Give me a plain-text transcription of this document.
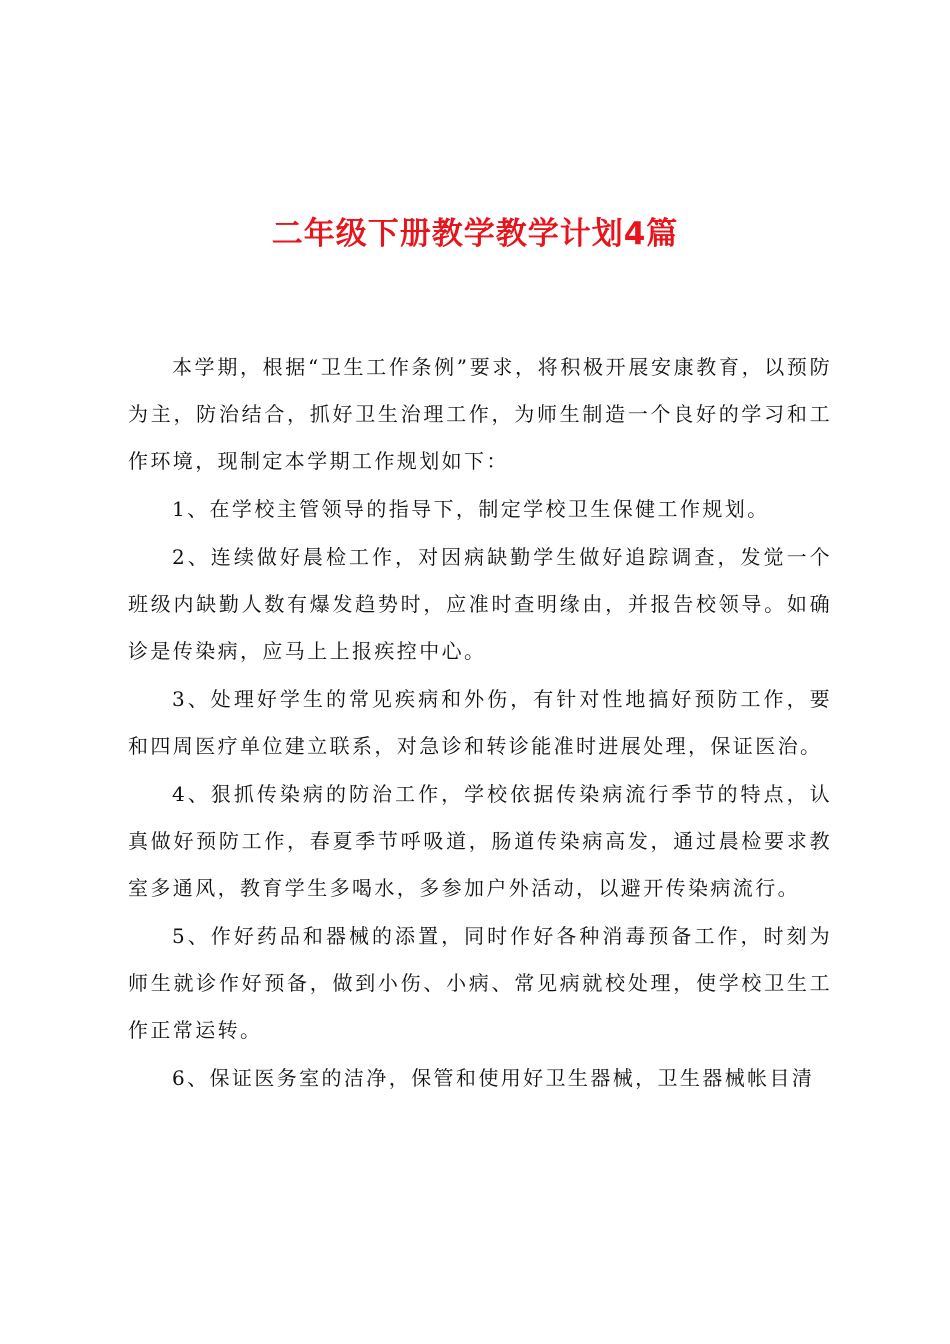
二年级下册教学教学计划4篇

本学期，根据“卫生工作条例”要求，将积极开展安康教育，以预防为主，防治结合，抓好卫生治理工作，为师生制造一个良好的学习和工作环境，现制定本学期工作规划如下：

1、在学校主管领导的指导下，制定学校卫生保健工作规划。

2、连续做好晨检工作，对因病缺勤学生做好追踪调查，发觉一个班级内缺勤人数有爆发趋势时，应准时查明缘由，并报告校领导。如确诊是传染病，应马上上报疾控中心。

3、处理好学生的常见疾病和外伤，有针对性地搞好预防工作，要和四周医疗单位建立联系，对急诊和转诊能准时进展处理，保证医治。

4、狠抓传染病的防治工作，学校依据传染病流行季节的特点，认真做好预防工作，春夏季节呼吸道，肠道传染病高发，通过晨检要求教室多通风，教育学生多喝水，多参加户外活动，以避开传染病流行。

5、作好药品和器械的添置，同时作好各种消毒预备工作，时刻为师生就诊作好预备，做到小伤、小病、常见病就校处理，使学校卫生工作正常运转。

6、保证医务室的洁净，保管和使用好卫生器械，卫生器械帐目清
